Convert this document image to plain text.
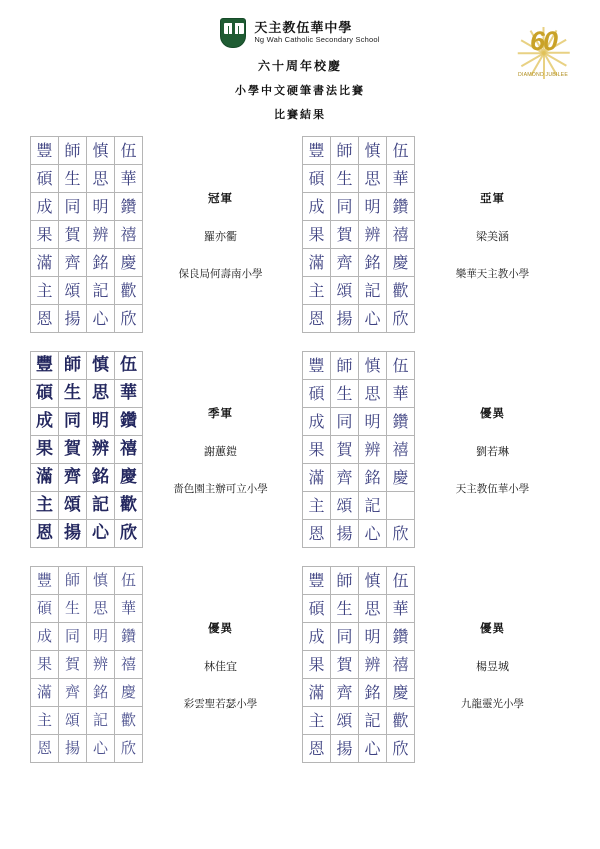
60
DIAMOND JUBILEE
天主教伍華中學
Ng Wah Catholic Secondary School
六十周年校慶
小學中文硬筆書法比賽
比賽結果
豐	師	慎	伍
碩	生	思	華
成	同	明	鑽
果	賀	辨	禧
滿	齊	銘	慶
主	頌	記	歡
恩	揚	心	欣
冠軍
羅亦衢
保良局何壽南小學
豐	師	慎	伍
碩	生	思	華
成	同	明	鑽
果	賀	辨	禧
滿	齊	銘	慶
主	頌	記	歡
恩	揚	心	欣
亞軍
梁美涵
樂華天主教小學
豐	師	慎	伍
碩	生	思	華
成	同	明	鑽
果	賀	辨	禧
滿	齊	銘	慶
主	頌	記	歡
恩	揚	心	欣
季軍
謝蕙鎧
嗇色園主辦可立小學
豐	師	慎	伍
碩	生	思	華
成	同	明	鑽
果	賀	辨	禧
滿	齊	銘	慶
主	頌	記	
恩	揚	心	欣
優異
劉若琳
天主教伍華小學
豐	師	慎	伍
碩	生	思	華
成	同	明	鑽
果	賀	辨	禧
滿	齊	銘	慶
主	頌	記	歡
恩	揚	心	欣
優異
林佳宜
彩雲聖若瑟小學
豐	師	慎	伍
碩	生	思	華
成	同	明	鑽
果	賀	辨	禧
滿	齊	銘	慶
主	頌	記	歡
恩	揚	心	欣
優異
楊昱城
九龍靈光小學
